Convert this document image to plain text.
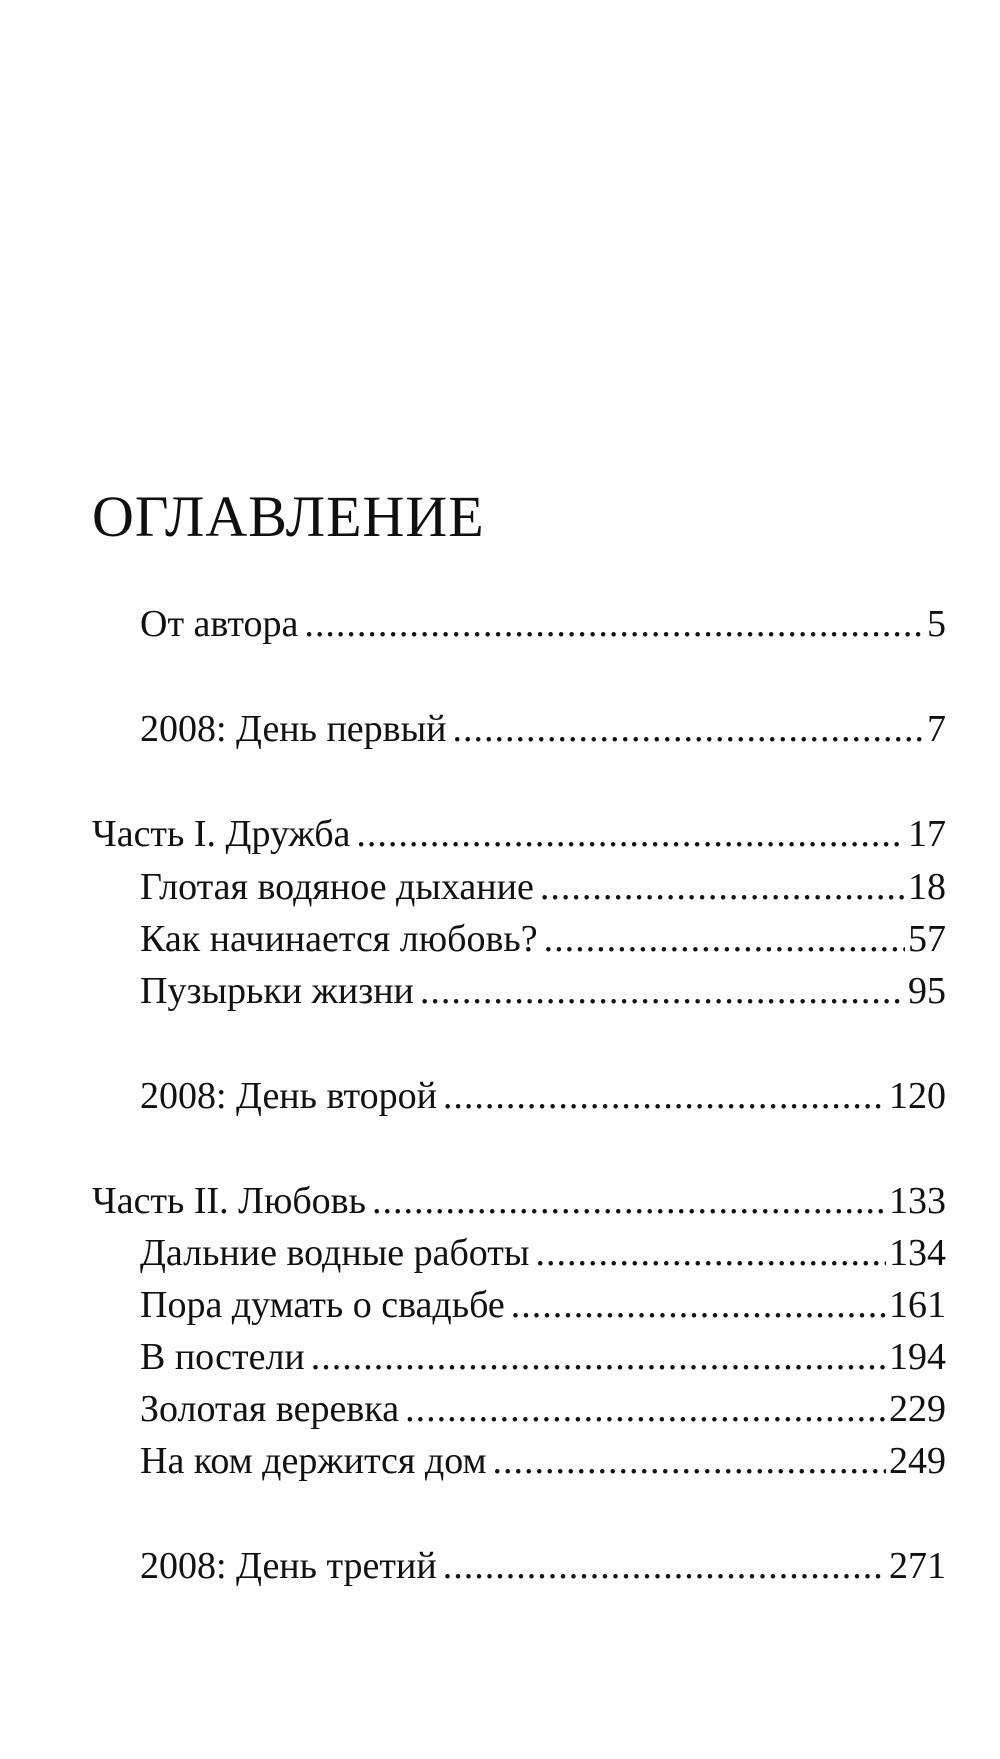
ОГЛАВЛЕНИЕ
От автора .....	5
2008: День первый .....	7
Часть I. Дружба .....	17
Глотая водяное дыхание .....	18
Как начинается любовь? .....	57
Пузырьки жизни .....	95
2008: День второй .....	120
Часть II. Любовь .....	133
Дальние водные работы .....	134
Пора думать о свадьбе .....	161
В постели .....	194
Золотая веревка .....	229
На ком держится дом .....	249
2008: День третий .....	271
